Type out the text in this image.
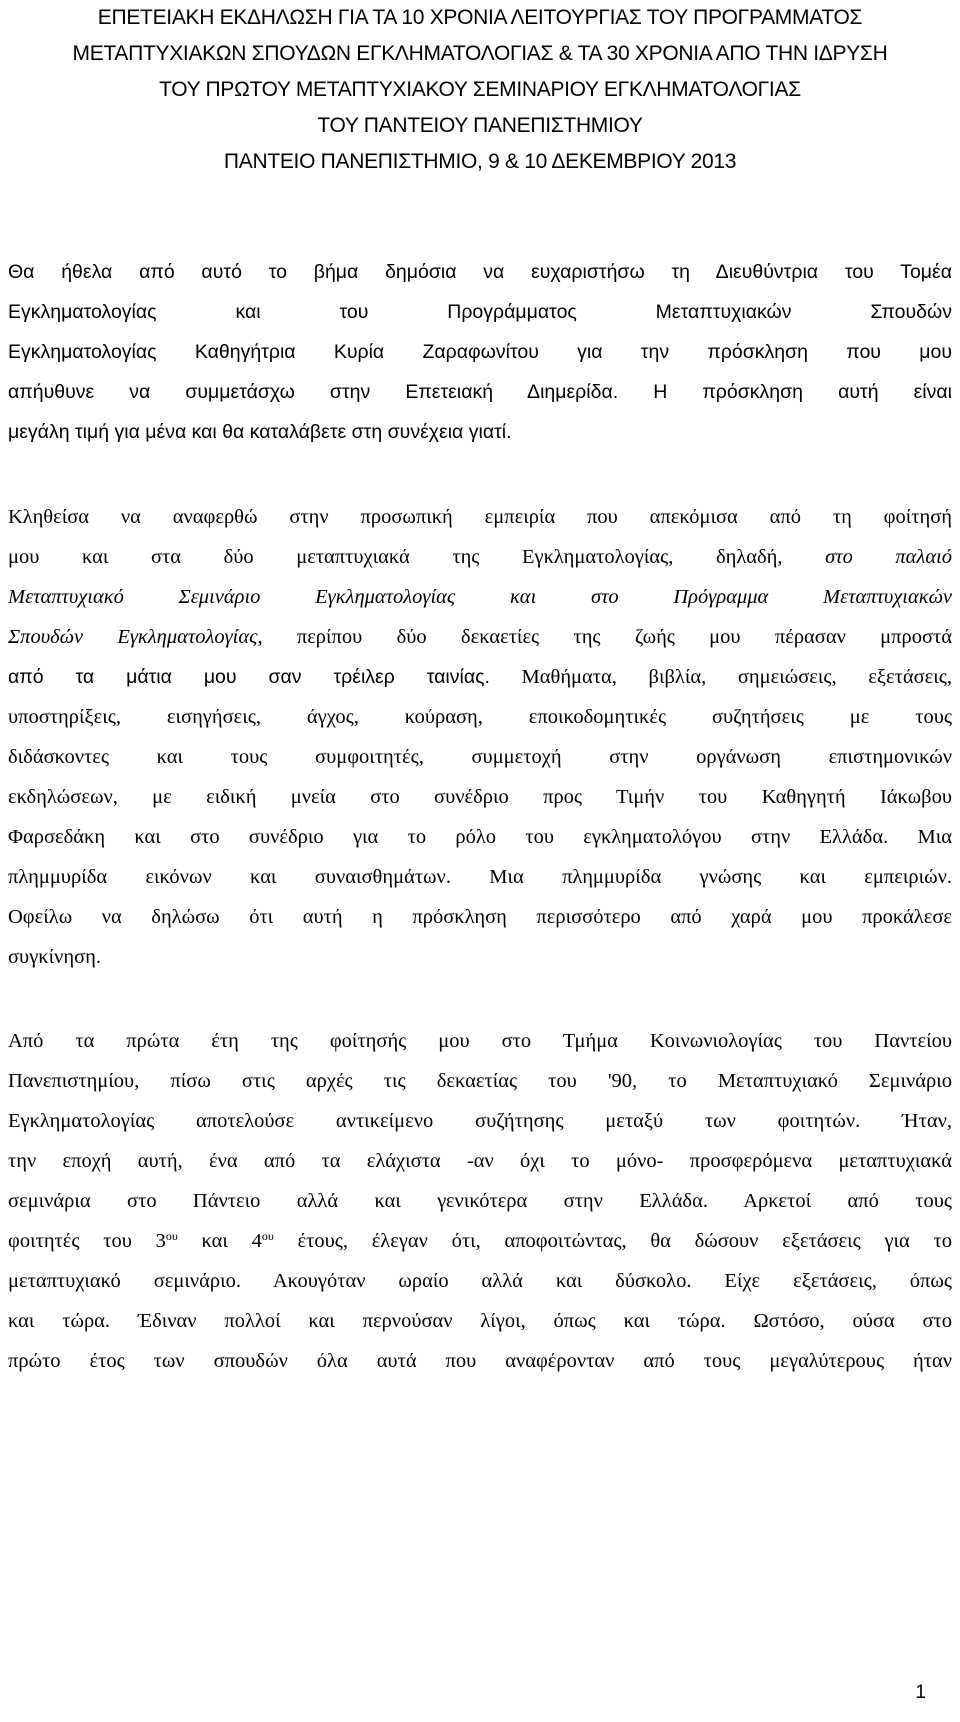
ΕΠΕΤΕΙΑΚΗ ΕΚΔΗΛΩΣΗ ΓΙΑ ΤΑ 10 ΧΡΟΝΙΑ ΛΕΙΤΟΥΡΓΙΑΣ ΤΟΥ ΠΡΟΓΡΑΜΜΑΤΟΣ
ΜΕΤΑΠΤΥΧΙΑΚΩΝ ΣΠΟΥΔΩΝ ΕΓΚΛΗΜΑΤΟΛΟΓΙΑΣ & ΤΑ 30 ΧΡΟΝΙΑ ΑΠΟ ΤΗΝ ΙΔΡΥΣΗ
ΤΟΥ ΠΡΩΤΟΥ ΜΕΤΑΠΤΥΧΙΑΚΟΥ ΣΕΜΙΝΑΡΙΟΥ ΕΓΚΛΗΜΑΤΟΛΟΓΙΑΣ
ΤΟΥ ΠΑΝΤΕΙΟΥ ΠΑΝΕΠΙΣΤΗΜΙΟΥ
ΠΑΝΤΕΙΟ ΠΑΝΕΠΙΣΤΗΜΙΟ, 9 & 10 ΔΕΚΕΜΒΡΙΟΥ 2013
Θα ήθελα από αυτό το βήμα δημόσια να ευχαριστήσω τη Διευθύντρια του Τομέα
Εγκληματολογίας και του Προγράμματος Μεταπτυχιακών Σπουδών
Εγκληματολογίας Καθηγήτρια Κυρία Ζαραφωνίτου για την πρόσκληση που μου
απήυθυνε να συμμετάσχω στην Επετειακή Διημερίδα. Η πρόσκληση αυτή είναι
μεγάλη τιμή για μένα και θα καταλάβετε στη συνέχεια γιατί.
Κληθείσα να αναφερθώ στην προσωπική εμπειρία που απεκόμισα από τη φοίτησή
μου και στα δύο μεταπτυχιακά της Εγκληματολογίας, δηλαδή, στο παλαιό
Μεταπτυχιακό Σεμινάριο Εγκληματολογίας και στο Πρόγραμμα Μεταπτυχιακών
Σπουδών Εγκληματολογίας, περίπου δύο δεκαετίες της ζωής μου πέρασαν μπροστά
από τα μάτια μου σαν τρέιλερ ταινίας. Μαθήματα, βιβλία, σημειώσεις, εξετάσεις,
υποστηρίξεις, εισηγήσεις, άγχος, κούραση, εποικοδομητικές συζητήσεις με τους
διδάσκοντες και τους συμφοιτητές, συμμετοχή στην οργάνωση επιστημονικών
εκδηλώσεων, με ειδική μνεία στο συνέδριο προς Τιμήν του Καθηγητή Ιάκωβου
Φαρσεδάκη και στο συνέδριο για το ρόλο του εγκληματολόγου στην Ελλάδα. Μια
πλημμυρίδα εικόνων και συναισθημάτων. Μια πλημμυρίδα γνώσης και εμπειριών.
Οφείλω να δηλώσω ότι αυτή η πρόσκληση περισσότερο από χαρά μου προκάλεσε
συγκίνηση.
Από τα πρώτα έτη της φοίτησής μου στο Τμήμα Κοινωνιολογίας του Παντείου
Πανεπιστημίου, πίσω στις αρχές τις δεκαετίας του '90, το Μεταπτυχιακό Σεμινάριο
Εγκληματολογίας αποτελούσε αντικείμενο συζήτησης μεταξύ των φοιτητών. Ήταν,
την εποχή αυτή, ένα από τα ελάχιστα -αν όχι το μόνο- προσφερόμενα μεταπτυχιακά
σεμινάρια στο Πάντειο αλλά και γενικότερα στην Ελλάδα. Αρκετοί από τους
φοιτητές του $3^{o\upsilon}$ και $4^{o\upsilon}$ έτους, έλεγαν ότι, αποφοιτώντας, θα δώσουν εξετάσεις για το
μεταπτυχιακό σεμινάριο. Ακουγόταν ωραίο αλλά και δύσκολο. Είχε εξετάσεις, όπως
και τώρα. Έδιναν πολλοί και περνούσαν λίγοι, όπως και τώρα. Ωστόσο, ούσα στο
πρώτο έτος των σπουδών όλα αυτά που αναφέρονταν από τους μεγαλύτερους ήταν
1
